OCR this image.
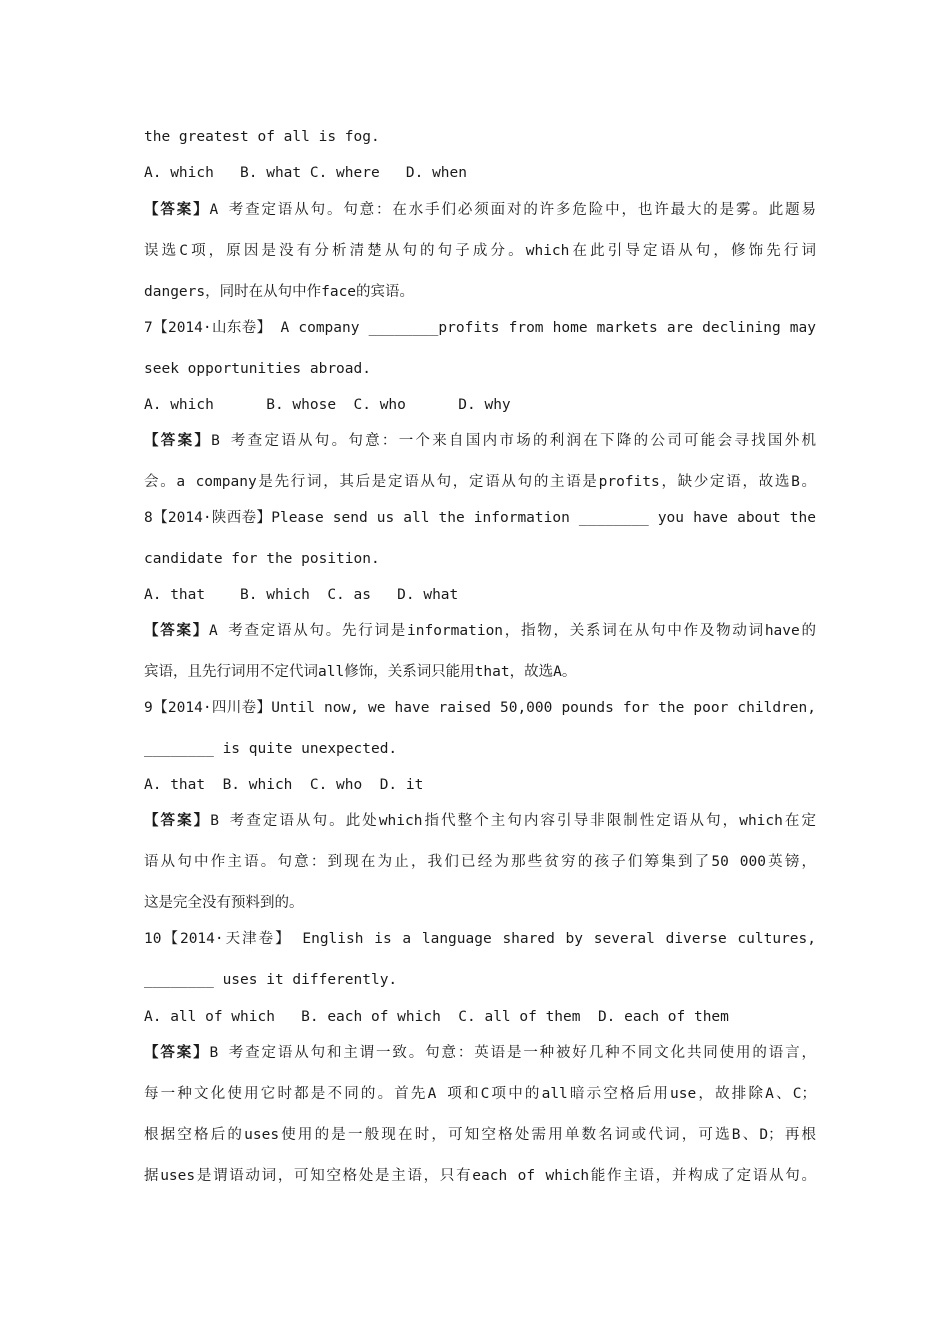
the greatest of all is fog.
A. which   B. what C. where   D. when
【答案】A 考查定语从句。句意：在水手们必须面对的许多危险中，也许最大的是雾。此题易
误选C项，原因是没有分析清楚从句的句子成分。which在此引导定语从句，修饰先行词
dangers，同时在从句中作face的宾语。
7【2014·山东卷】 A company ________profits from home markets are declining may
seek opportunities abroad.
A. which      B. whose  C. who      D. why
【答案】B 考查定语从句。句意：一个来自国内市场的利润在下降的公司可能会寻找国外机
会。a company是先行词，其后是定语从句，定语从句的主语是profits，缺少定语，故选B。
8【2014·陕西卷】Please send us all the information ________ you have about the
candidate for the position.
A. that    B. which  C. as   D. what
【答案】A 考查定语从句。先行词是information，指物，关系词在从句中作及物动词have的
宾语，且先行词用不定代词all修饰，关系词只能用that，故选A。
9【2014·四川卷】Until now, we have raised 50,000 pounds for the poor children,
________ is quite unexpected.
A. that  B. which  C. who  D. it
【答案】B 考查定语从句。此处which指代整个主句内容引导非限制性定语从句，which在定
语从句中作主语。句意：到现在为止，我们已经为那些贫穷的孩子们筹集到了50 000英镑，
这是完全没有预料到的。
10【2014·天津卷】 English is a language shared by several diverse cultures,
________ uses it differently.
A. all of which   B. each of which  C. all of them  D. each of them
【答案】B 考查定语从句和主谓一致。句意：英语是一种被好几种不同文化共同使用的语言，
每一种文化使用它时都是不同的。首先A 项和C项中的all暗示空格后用use，故排除A、C；
根据空格后的uses使用的是一般现在时，可知空格处需用单数名词或代词，可选B、D；再根
据uses是谓语动词，可知空格处是主语，只有each of which能作主语，并构成了定语从句。
